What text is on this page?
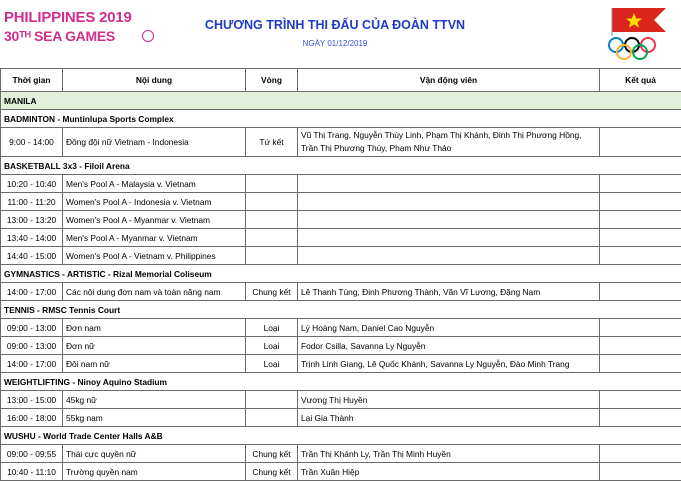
PHILIPPINES 2019
30ᵀᴴ SEA GAMES
CHƯƠNG TRÌNH THI ĐẤU CỦA ĐOÀN TTVN
NGÀY 01/12/2019
Thời gian	Nội dung	Vòng	Vận động viên	Kết quả
MANILA				
BADMINTON - Muntinlupa Sports Complex				
9:00 - 14:00	Đồng đội nữ Vietnam - Indonesia	Tứ kết	Vũ Thị Trang, Nguyễn Thùy Linh, Phạm Thị Khánh, Đinh Thị Phương Hồng, Trần Thị Phương Thúy, Phạm Như Thảo	
BASKETBALL 3x3 - Filoil Arena				
10:20 - 10:40	Men's Pool A - Malaysia v. Vietnam			
11:00 - 11:20	Women's Pool A - Indonesia v. Vietnam			
13:00 - 13:20	Women's Pool A - Myanmar v. Vietnam			
13:40 - 14:00	Men's Pool A - Myanmar v. Vietnam			
14:40 - 15:00	Women's Pool A - Vietnam v. Philippines			
GYMNASTICS - ARTISTIC - Rizal Memorial Coliseum				
14:00 - 17:00	Các nội dung đơn nam và toàn năng nam	Chung kết	Lê Thanh Tùng, Đinh Phương Thành, Văn Vĩ Lương, Đặng Nam	
TENNIS - RMSC Tennis Court				
09:00 - 13:00	Đơn nam	Loại	Lý Hoàng Nam, Daniel Cao Nguyễn	
09:00 - 13:00	Đơn nữ	Loại	Fodor Csilla, Savanna Ly Nguyễn	
14:00 - 17:00	Đôi nam nữ	Loại	Trịnh Linh Giang, Lê Quốc Khánh, Savanna Ly Nguyễn, Đào Minh Trang	
WEIGHTLIFTING - Ninoy Aquino Stadium				
13:00 - 15:00	45kg nữ		Vương Thị Huyền	
16:00 - 18:00	55kg nam		Lại Gia Thành	
WUSHU - World Trade Center Halls A&B				
09:00 - 09:55	Thái cực quyền nữ	Chung kết	Trần Thị Khánh Ly, Trần Thị Minh Huyền	
10:40 - 11:10	Trường quyền nam	Chung kết	Trần Xuân Hiệp	
